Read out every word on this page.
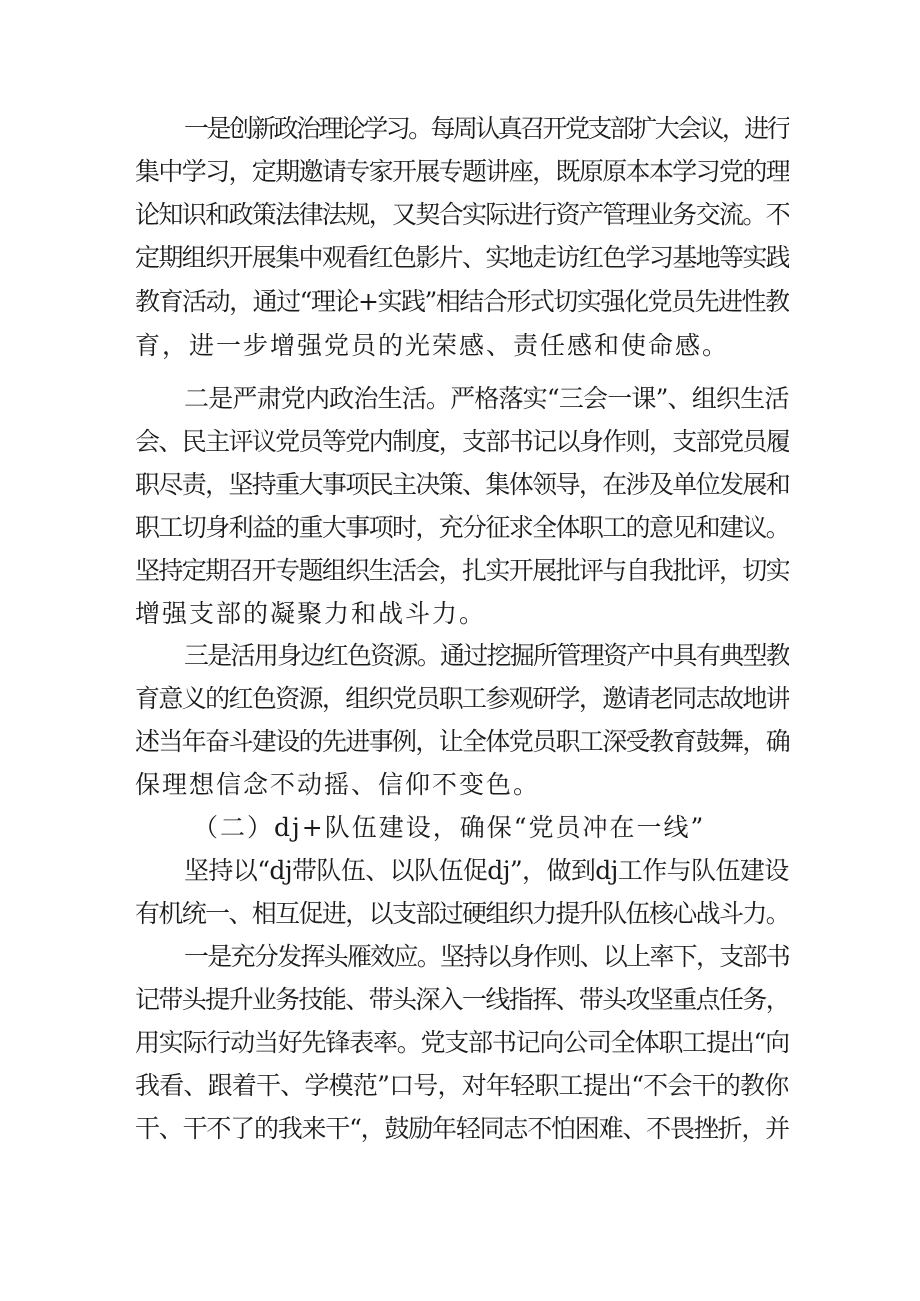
一是创新政治理论学习。每周认真召开党支部扩大会议，进行
集中学习，定期邀请专家开展专题讲座，既原原本本学习党的理
论知识和政策法律法规，又契合实际进行资产管理业务交流。不
定期组织开展集中观看红色影片、实地走访红色学习基地等实践
教育活动，通过“理论+实践”相结合形式切实强化党员先进性教
育，进一步增强党员的光荣感、责任感和使命感。
二是严肃党内政治生活。严格落实“三会一课”、组织生活
会、民主评议党员等党内制度，支部书记以身作则，支部党员履
职尽责，坚持重大事项民主决策、集体领导，在涉及单位发展和
职工切身利益的重大事项时，充分征求全体职工的意见和建议。
坚持定期召开专题组织生活会，扎实开展批评与自我批评，切实
增强支部的凝聚力和战斗力。
三是活用身边红色资源。通过挖掘所管理资产中具有典型教
育意义的红色资源，组织党员职工参观研学，邀请老同志故地讲
述当年奋斗建设的先进事例，让全体党员职工深受教育鼓舞，确
保理想信念不动摇、信仰不变色。
（二）dj+队伍建设，确保“党员冲在一线”
坚持以“dj带队伍、以队伍促dj”，做到dj工作与队伍建设
有机统一、相互促进，以支部过硬组织力提升队伍核心战斗力。
一是充分发挥头雁效应。坚持以身作则、以上率下，支部书
记带头提升业务技能、带头深入一线指挥、带头攻坚重点任务，
用实际行动当好先锋表率。党支部书记向公司全体职工提出“向
我看、跟着干、学模范”口号，对年轻职工提出“不会干的教你
干、干不了的我来干“，鼓励年轻同志不怕困难、不畏挫折，并
